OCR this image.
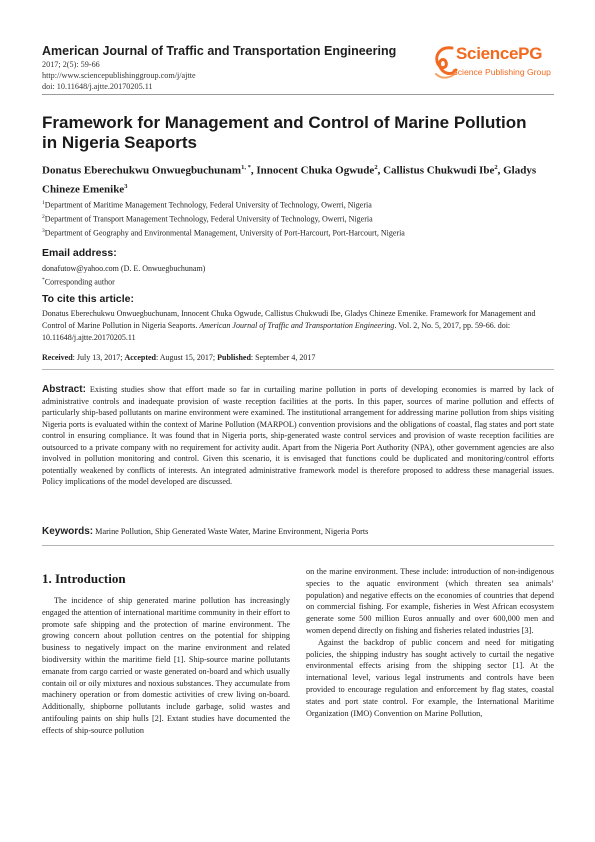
American Journal of Traffic and Transportation Engineering
2017; 2(5): 59-66
http://www.sciencepublishinggroup.com/j/ajtte
doi: 10.11648/j.ajtte.20170205.11
SciencePG
Science Publishing Group
Framework for Management and Control of Marine Pollution in Nigeria Seaports
Donatus Eberechukwu Onwuegbuchunam$^{1, *}$, Innocent Chuka Ogwude$^2$, Callistus Chukwudi Ibe$^2$, Gladys Chineze Emenike$^3$
$^1$Department of Maritime Management Technology, Federal University of Technology, Owerri, Nigeria
$^2$Department of Transport Management Technology, Federal University of Technology, Owerri, Nigeria
$^3$Department of Geography and Environmental Management, University of Port-Harcourt, Port-Harcourt, Nigeria
Email address:
donafutow@yahoo.com (D. E. Onwuegbuchunam)
*Corresponding author
To cite this article:
Donatus Eberechukwu Onwuegbuchunam, Innocent Chuka Ogwude, Callistus Chukwudi Ibe, Gladys Chineze Emenike. Framework for Management and Control of Marine Pollution in Nigeria Seaports. American Journal of Traffic and Transportation Engineering. Vol. 2, No. 5, 2017, pp. 59-66. doi: 10.11648/j.ajtte.20170205.11
Received: July 13, 2017; Accepted: August 15, 2017; Published: September 4, 2017
Abstract: Existing studies show that effort made so far in curtailing marine pollution in ports of developing economies is marred by lack of administrative controls and inadequate provision of waste reception facilities at the ports. In this paper, sources of marine pollution and effects of particularly ship-based pollutants on marine environment were examined. The institutional arrangement for addressing marine pollution from ships visiting Nigeria ports is evaluated within the context of Marine Pollution (MARPOL) convention provisions and the obligations of coastal, flag states and port state control in ensuring compliance. It was found that in Nigeria ports, ship-generated waste control services and provision of waste reception facilities are outsourced to a private company with no requirement for activity audit. Apart from the Nigeria Port Authority (NPA), other government agencies are also involved in pollution monitoring and control. Given this scenario, it is envisaged that functions could be duplicated and monitoring/control efforts potentially weakened by conflicts of interests. An integrated administrative framework model is therefore proposed to address these managerial issues. Policy implications of the model developed are discussed.
Keywords: Marine Pollution, Ship Generated Waste Water, Marine Environment, Nigeria Ports
1. Introduction

The incidence of ship generated marine pollution has increasingly engaged the attention of international maritime community in their effort to promote safe shipping and the protection of marine environment. The growing concern about pollution centres on the potential for shipping business to negatively impact on the marine environment and related biodiversity within the maritime field [1]. Ship-source marine pollutants emanate from cargo carried or waste generated on-board and which usually contain oil or oily mixtures and noxious substances. They accumulate from machinery operation or from domestic activities of crew living on-board. Additionally, shipborne pollutants include garbage, solid wastes and antifouling paints on ship hulls [2]. Extant studies have documented the effects of ship-source pollution

on the marine environment. These include: introduction of non-indigenous species to the aquatic environment (which threaten sea animals’ population) and negative effects on the economies of countries that depend on commercial fishing. For example, fisheries in West African ecosystem generate some 500 million Euros annually and over 600,000 men and women depend directly on fishing and fisheries related industries [3].

Against the backdrop of public concern and need for mitigating policies, the shipping industry has sought actively to curtail the negative environmental effects arising from the shipping sector [1]. At the international level, various legal instruments and controls have been provided to encourage regulation and enforcement by flag states, coastal states and port state control. For example, the International Maritime Organization (IMO) Convention on Marine Pollution,
